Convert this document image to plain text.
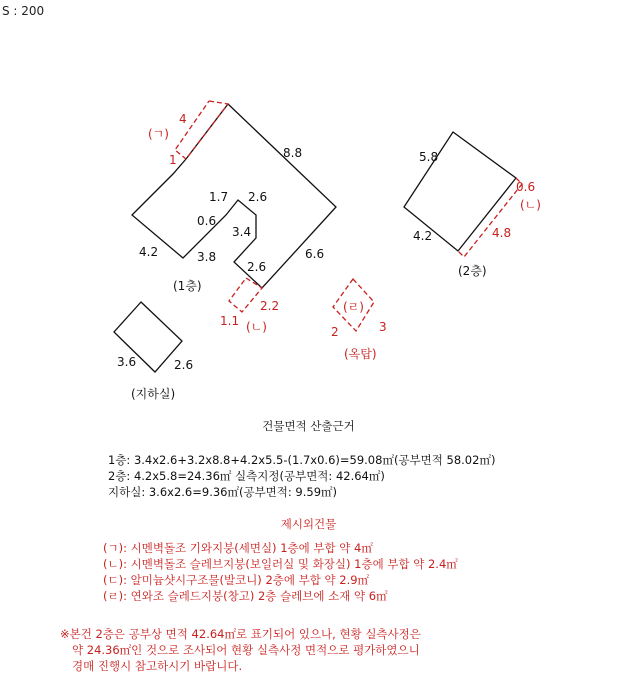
S : 200
(ㄱ)
4
1	8.8
1.7 2.6
0.6
3.4
4.2	3.8
2.6
6.6
(1층)
1.1
2.2
(ㄴ)
5.8
0.6
(ㄴ)
4.2	4.8
(2층)
(ㄹ)
2	3
(옥탑)
3.6	2.6
(지하실)
건물면적 산출근거
1층: 3.4x2.6+3.2x8.8+4.2x5.5-(1.7x0.6)=59.08㎡(공부면적 58.02㎡)
2층: 4.2x5.8=24.36㎡ 실측지정(공부면적: 42.64㎡)
지하실: 3.6x2.6=9.36㎡(공부면적: 9.59㎡)
제시외건물
(ㄱ): 시멘벽돌조 기와지붕(세면실) 1층에 부합 약 4㎡
(ㄴ): 시멘벽돌조 슬레브지붕(보일러실 및 화장실) 1층에 부합 약 2.4㎡
(ㄷ): 알미늄샷시구조물(발코니) 2층에 부합 약 2.9㎡
(ㄹ): 연와조 슬레드지붕(창고) 2층 슬레브에 소재 약 6㎡
※본건 2층은 공부상 면적 42.64㎡로 표기되어 있으나, 현황 실측사정은
약 24.36㎡인 것으로 조사되어 현황 실측사정 면적으로 평가하였으니
경매 진행시 참고하시기 바랍니다.
